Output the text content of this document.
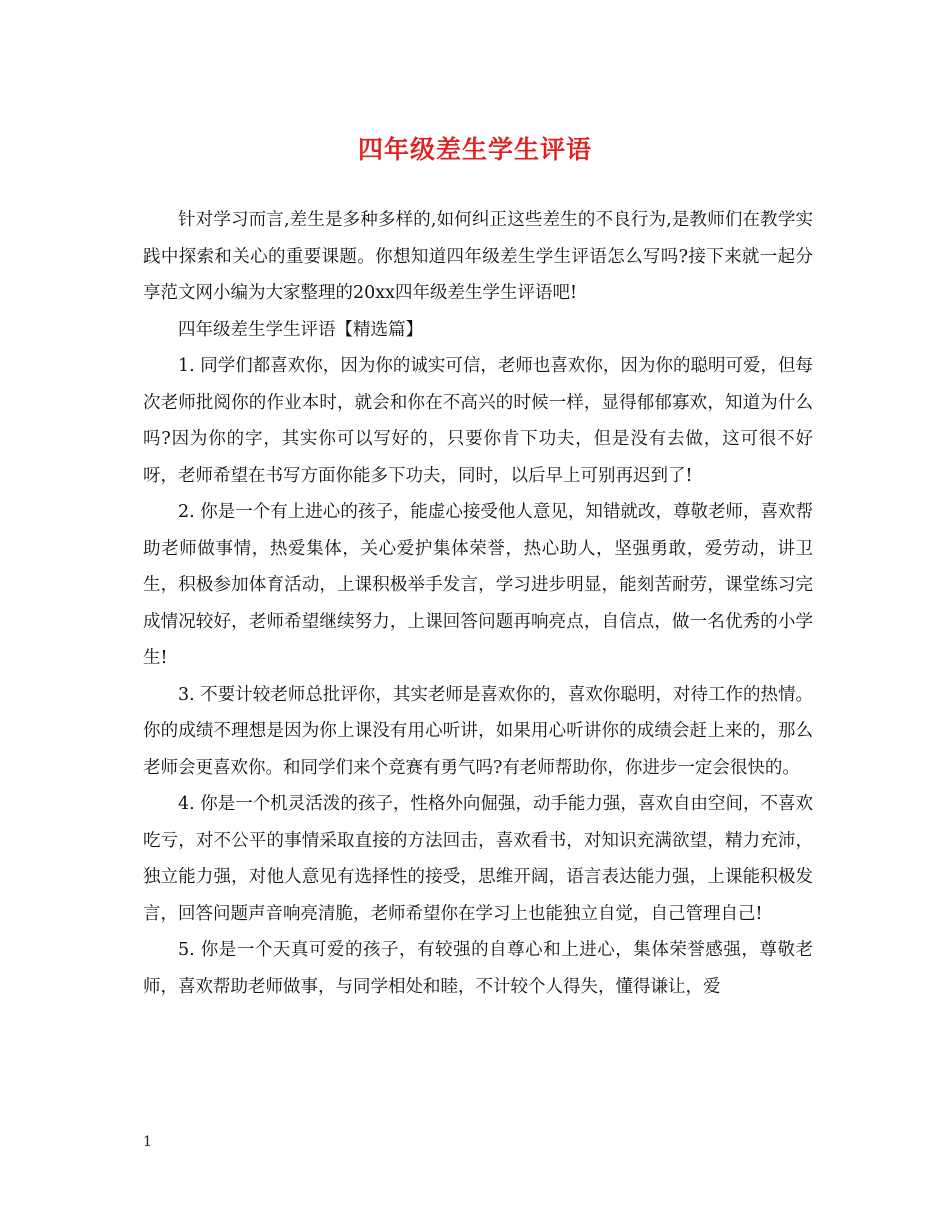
四年级差生学生评语

针对学习而言,差生是多种多样的,如何纠正这些差生的不良行为,是教师们在教学实践中探索和关心的重要课题。你想知道四年级差生学生评语怎么写吗?接下来就一起分享范文网小编为大家整理的20xx四年级差生学生评语吧!

四年级差生学生评语【精选篇】

1. 同学们都喜欢你，因为你的诚实可信，老师也喜欢你，因为你的聪明可爱，但每次老师批阅你的作业本时，就会和你在不高兴的时候一样，显得郁郁寡欢，知道为什么吗?因为你的字，其实你可以写好的，只要你肯下功夫，但是没有去做，这可很不好呀，老师希望在书写方面你能多下功夫，同时，以后早上可别再迟到了!

2. 你是一个有上进心的孩子，能虚心接受他人意见，知错就改，尊敬老师，喜欢帮助老师做事情，热爱集体，关心爱护集体荣誉，热心助人，坚强勇敢，爱劳动，讲卫生，积极参加体育活动，上课积极举手发言，学习进步明显，能刻苦耐劳，课堂练习完成情况较好，老师希望继续努力，上课回答问题再响亮点，自信点，做一名优秀的小学生!

3. 不要计较老师总批评你，其实老师是喜欢你的，喜欢你聪明，对待工作的热情。你的成绩不理想是因为你上课没有用心听讲，如果用心听讲你的成绩会赶上来的，那么老师会更喜欢你。和同学们来个竞赛有勇气吗?有老师帮助你，你进步一定会很快的。

4. 你是一个机灵活泼的孩子，性格外向倔强，动手能力强，喜欢自由空间，不喜欢吃亏，对不公平的事情采取直接的方法回击，喜欢看书，对知识充满欲望，精力充沛，独立能力强，对他人意见有选择性的接受，思维开阔，语言表达能力强，上课能积极发言，回答问题声音响亮清脆，老师希望你在学习上也能独立自觉，自己管理自己!

5. 你是一个天真可爱的孩子，有较强的自尊心和上进心，集体荣誉感强，尊敬老师，喜欢帮助老师做事，与同学相处和睦，不计较个人得失，懂得谦让，爱

1
